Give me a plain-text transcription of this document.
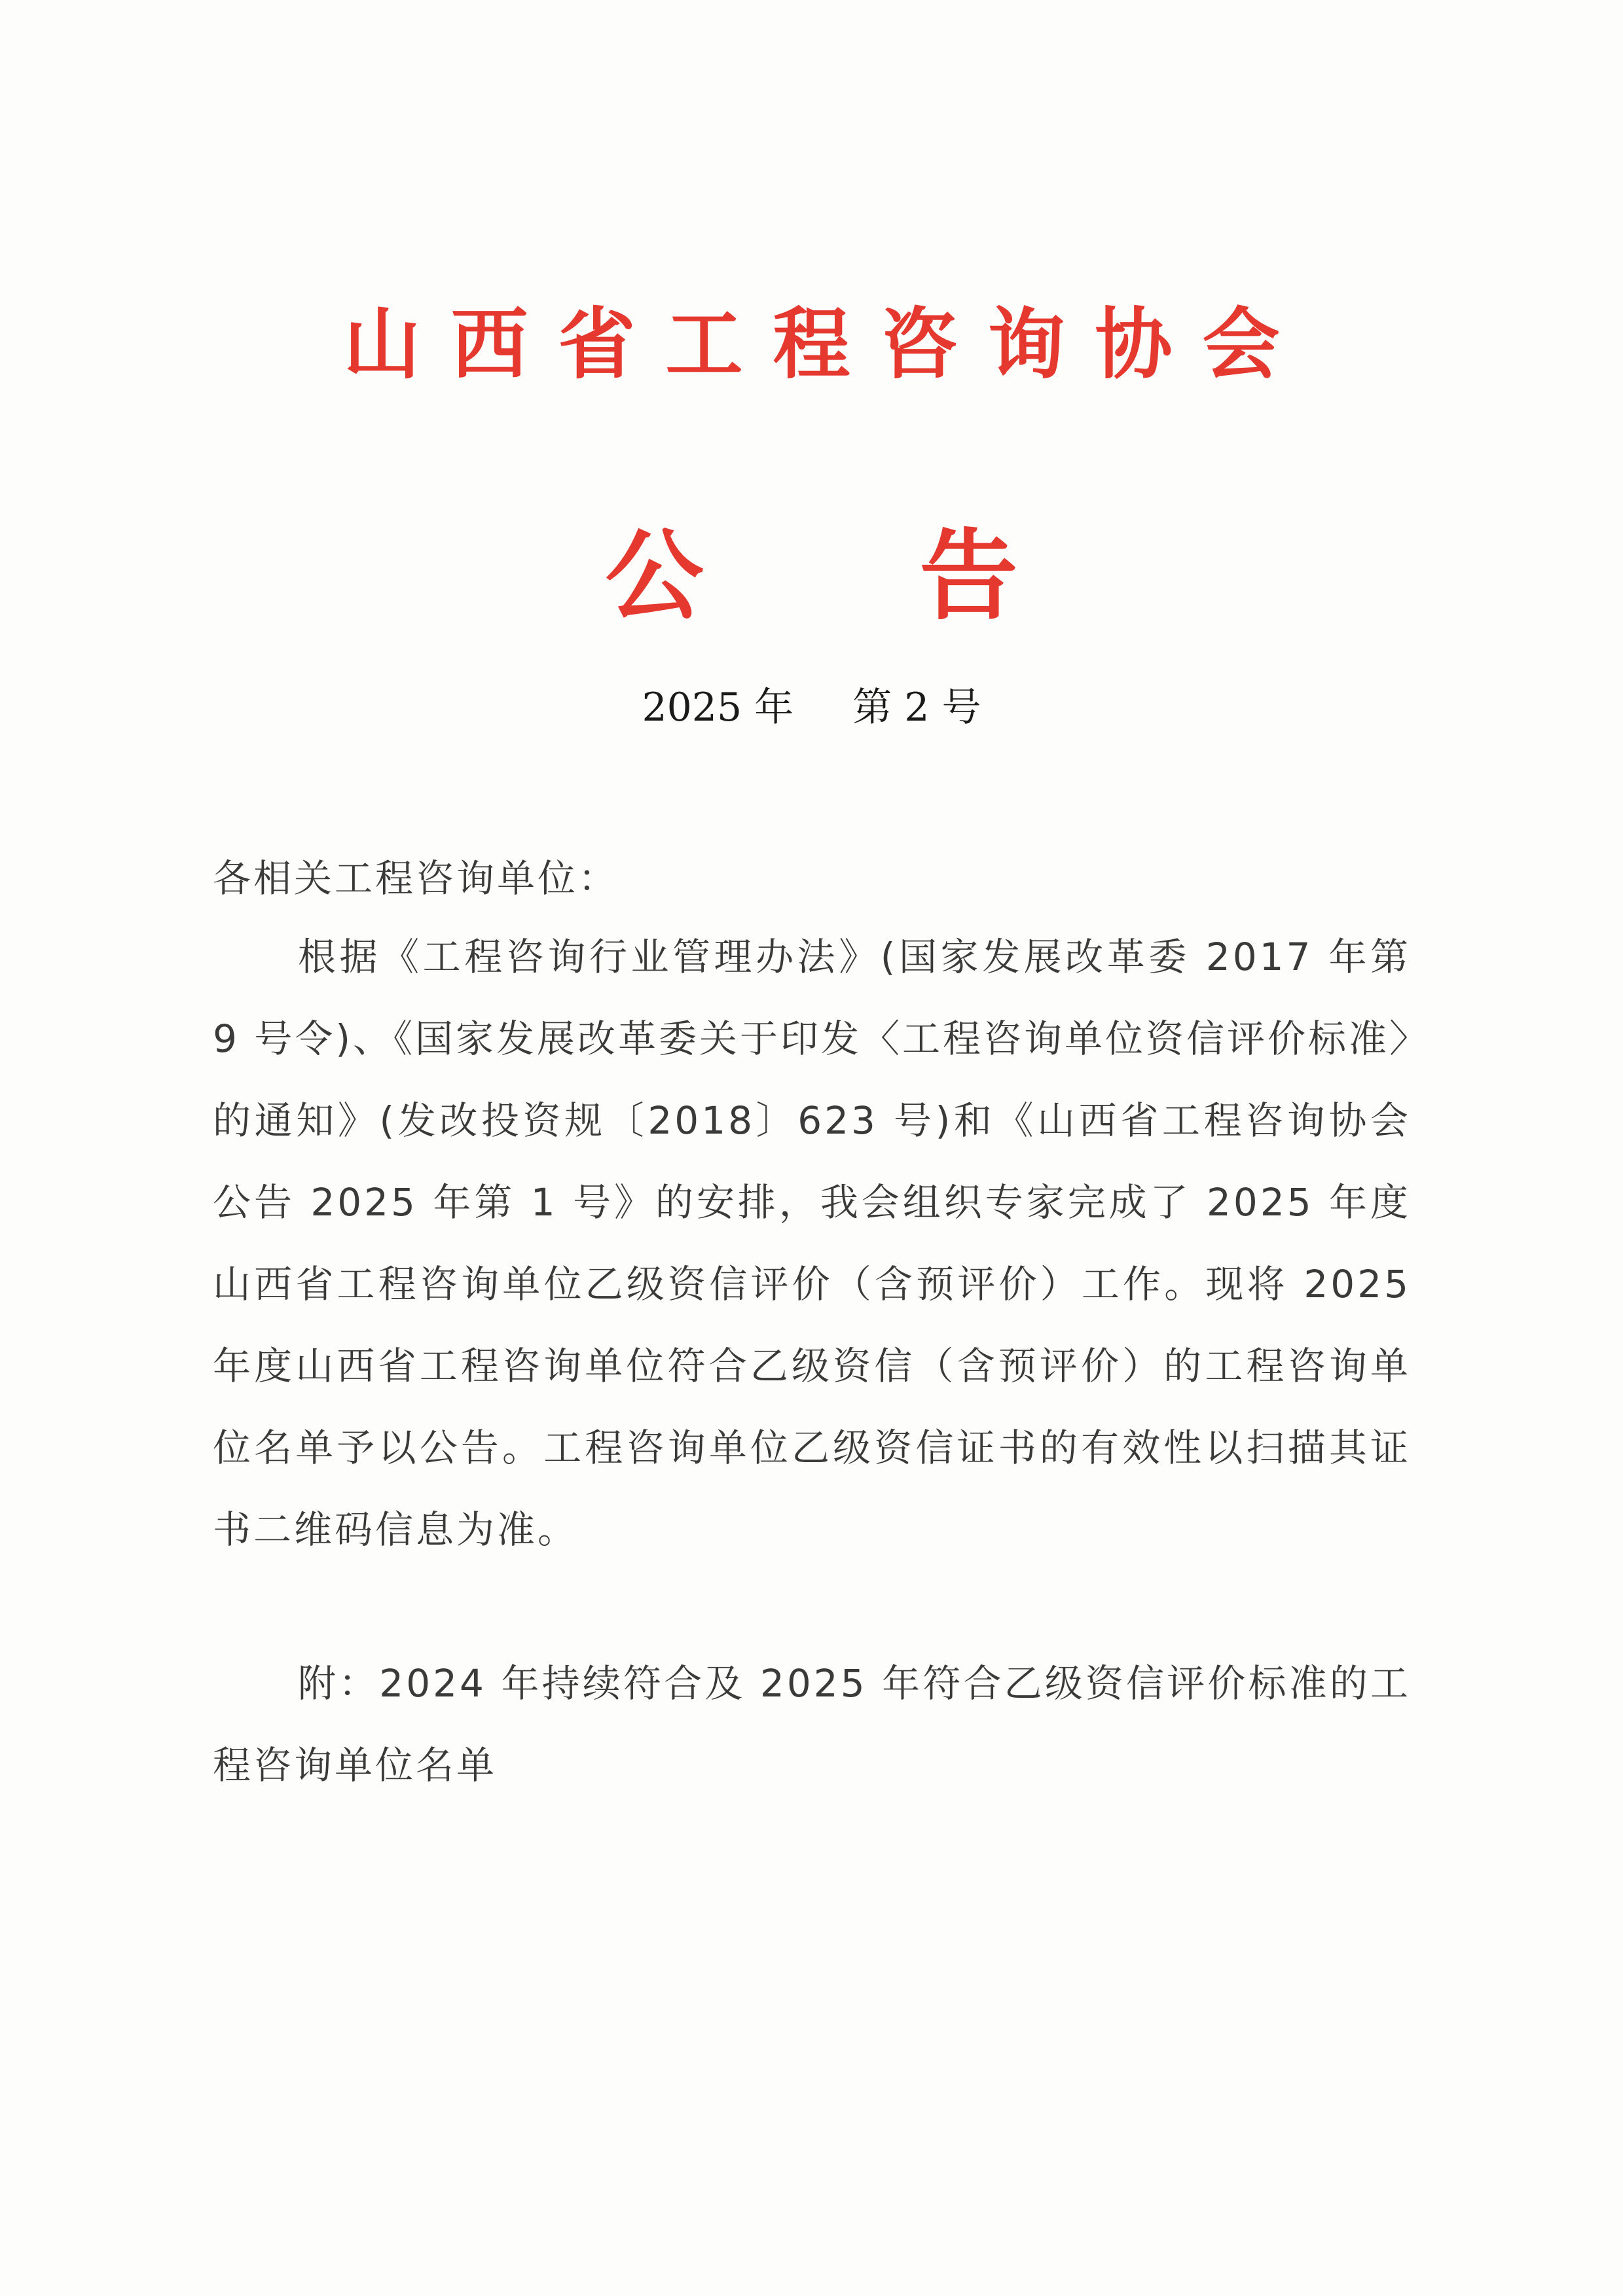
山西省工程咨询协会
公 告
2025 年 第 2 号
各相关工程咨询单位：
根据《工程咨询行业管理办法》(国家发展改革委 2017 年第 9 号令)、《国家发展改革委关于印发〈工程咨询单位资信评价标准〉的通知》(发改投资规〔2018〕623 号)和《山西省工程咨询协会公告 2025 年第 1 号》的安排，我会组织专家完成了 2025 年度山西省工程咨询单位乙级资信评价（含预评价）工作。现将 2025 年度山西省工程咨询单位符合乙级资信（含预评价）的工程咨询单位名单予以公告。工程咨询单位乙级资信证书的有效性以扫描其证书二维码信息为准。
附：2024 年持续符合及 2025 年符合乙级资信评价标准的工程咨询单位名单
